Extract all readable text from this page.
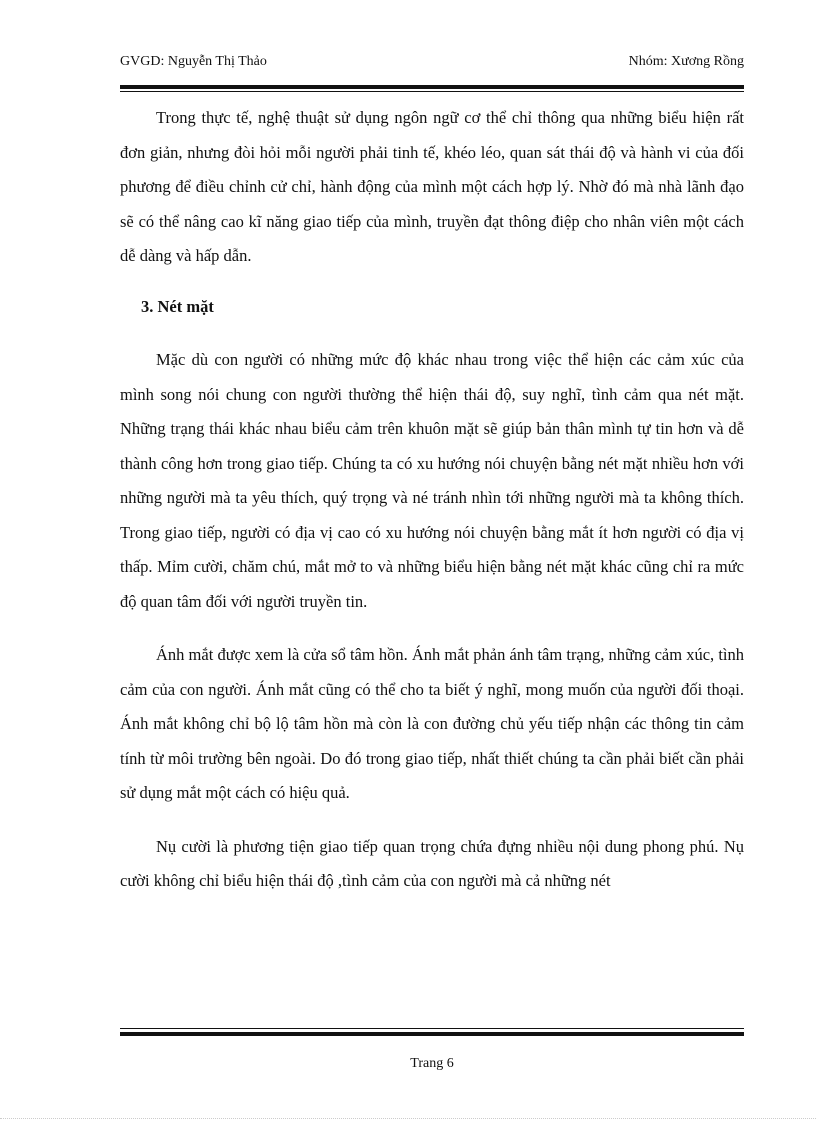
GVGD: Nguyễn Thị Thảo	Nhóm: Xương Rồng

Trong thực tế, nghệ thuật sử dụng ngôn ngữ cơ thể chỉ thông qua những biểu hiện rất đơn giản, nhưng đòi hỏi mỗi người phải tinh tế, khéo léo, quan sát thái độ và hành vi của đối phương để điều chỉnh cử chỉ, hành động của mình một cách hợp lý. Nhờ đó mà nhà lãnh đạo sẽ có thể nâng cao kĩ năng giao tiếp của mình, truyền đạt thông điệp cho nhân viên một cách dễ dàng và hấp dẫn.

3. Nét mặt

Mặc dù con người có những mức độ khác nhau trong việc thể hiện các cảm xúc của mình song nói chung con người thường thể hiện thái độ, suy nghĩ, tình cảm qua nét mặt. Những trạng thái khác nhau biểu cảm trên khuôn mặt sẽ giúp bản thân mình tự tin hơn và dễ thành công hơn trong giao tiếp. Chúng ta có xu hướng nói chuyện bằng nét mặt nhiều hơn với những người mà ta yêu thích, quý trọng và né tránh nhìn tới những người mà ta không thích. Trong giao tiếp, người có địa vị cao có xu hướng nói chuyện bằng mắt ít hơn người có địa vị thấp. Mỉm cười, chăm chú, mắt mở to và những biểu hiện bằng nét mặt khác cũng chỉ ra mức độ quan tâm đối với người truyền tin.

Ánh mắt được xem là cửa sổ tâm hồn. Ánh mắt phản ánh tâm trạng, những cảm xúc, tình cảm của con người. Ánh mắt cũng có thể cho ta biết ý nghĩ, mong muốn của người đối thoại. Ánh mắt không chỉ bộ lộ tâm hồn mà còn là con đường chủ yếu tiếp nhận các thông tin cảm tính từ môi trường bên ngoài. Do đó trong giao tiếp, nhất thiết chúng ta cần phải biết cần phải sử dụng mắt một cách có hiệu quả.

Nụ cười là phương tiện giao tiếp quan trọng chứa đựng nhiều nội dung phong phú. Nụ cười không chỉ biểu hiện thái độ ,tình cảm của con người mà cả những nét

Trang 6
